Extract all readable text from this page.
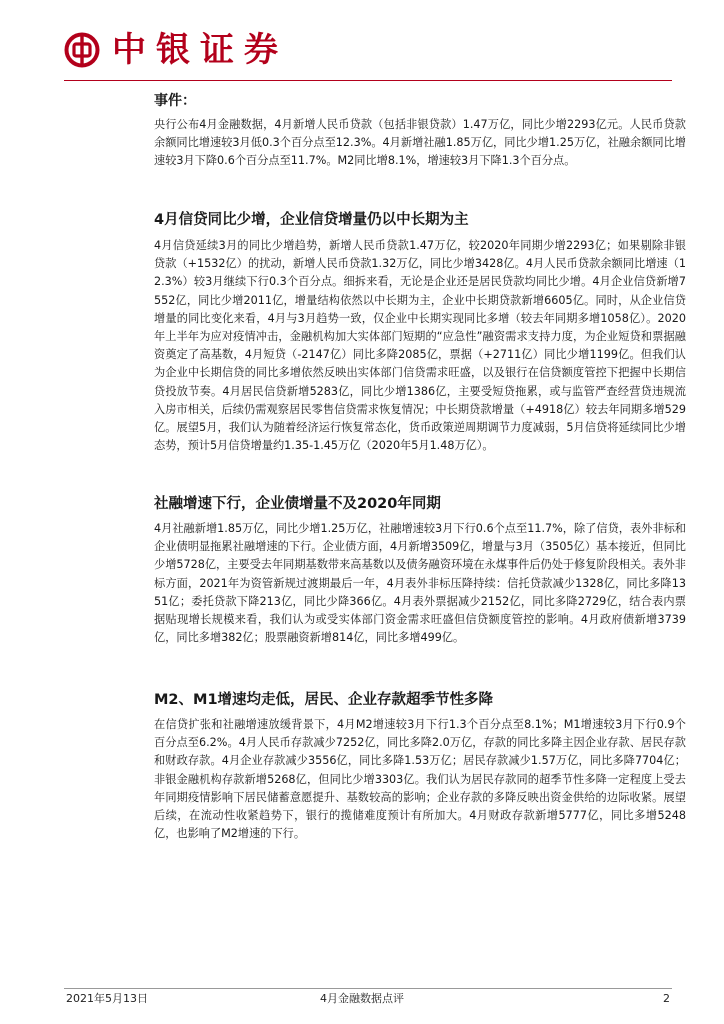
中银证券

事件：

央行公布4月金融数据，4月新增人民币贷款（包括非银贷款）1.47万亿，同比少增2293亿元。人民币贷款余额同比增速较3月低0.3个百分点至12.3%。4月新增社融1.85万亿，同比少增1.25万亿，社融余额同比增速较3月下降0.6个百分点至11.7%。M2同比增8.1%，增速较3月下降1.3个百分点。

4月信贷同比少增，企业信贷增量仍以中长期为主

4月信贷延续3月的同比少增趋势，新增人民币贷款1.47万亿，较2020年同期少增2293亿；如果剔除非银贷款（+1532亿）的扰动，新增人民币贷款1.32万亿，同比少增3428亿。4月人民币贷款余额同比增速（12.3%）较3月继续下行0.3个百分点。细拆来看，无论是企业还是居民贷款均同比少增。4月企业信贷新增7552亿，同比少增2011亿，增量结构依然以中长期为主，企业中长期贷款新增6605亿。同时，从企业信贷增量的同比变化来看，4月与3月趋势一致，仅企业中长期实现同比多增（较去年同期多增1058亿）。2020年上半年为应对疫情冲击，金融机构加大实体部门短期的“应急性”融资需求支持力度，为企业短贷和票据融资奠定了高基数，4月短贷（-2147亿）同比多降2085亿，票据（+2711亿）同比少增1199亿。但我们认为企业中长期信贷的同比多增依然反映出实体部门信贷需求旺盛，以及银行在信贷额度管控下把握中长期信贷投放节奏。4月居民信贷新增5283亿，同比少增1386亿，主要受短贷拖累，或与监管严查经营贷违规流入房市相关，后续仍需观察居民零售信贷需求恢复情况；中长期贷款增量（+4918亿）较去年同期多增529亿。展望5月，我们认为随着经济运行恢复常态化，货币政策逆周期调节力度减弱，5月信贷将延续同比少增态势，预计5月信贷增量约1.35-1.45万亿（2020年5月1.48万亿）。

社融增速下行，企业债增量不及2020年同期

4月社融新增1.85万亿，同比少增1.25万亿，社融增速较3月下行0.6个点至11.7%，除了信贷，表外非标和企业债明显拖累社融增速的下行。企业债方面，4月新增3509亿，增量与3月（3505亿）基本接近，但同比少增5728亿，主要受去年同期基数带来高基数以及债务融资环境在永煤事件后仍处于修复阶段相关。表外非标方面，2021年为资管新规过渡期最后一年，4月表外非标压降持续：信托贷款减少1328亿，同比多降1351亿；委托贷款下降213亿，同比少降366亿。4月表外票据减少2152亿，同比多降2729亿，结合表内票据贴现增长规模来看，我们认为或受实体部门资金需求旺盛但信贷额度管控的影响。4月政府债新增3739亿，同比多增382亿；股票融资新增814亿，同比多增499亿。

M2、M1增速均走低，居民、企业存款超季节性多降

在信贷扩张和社融增速放缓背景下，4月M2增速较3月下行1.3个百分点至8.1%；M1增速较3月下行0.9个百分点至6.2%。4月人民币存款减少7252亿，同比多降2.0万亿，存款的同比多降主因企业存款、居民存款和财政存款。4月企业存款减少3556亿，同比多降1.53万亿；居民存款减少1.57万亿，同比多降7704亿；非银金融机构存款新增5268亿，但同比少增3303亿。我们认为居民存款同的超季节性多降一定程度上受去年同期疫情影响下居民储蓄意愿提升、基数较高的影响；企业存款的多降反映出资金供给的边际收紧。展望后续，在流动性收紧趋势下，银行的揽储难度预计有所加大。4月财政存款新增5777亿，同比多增5248亿，也影响了M2增速的下行。

2021年5月13日	4月金融数据点评	2
